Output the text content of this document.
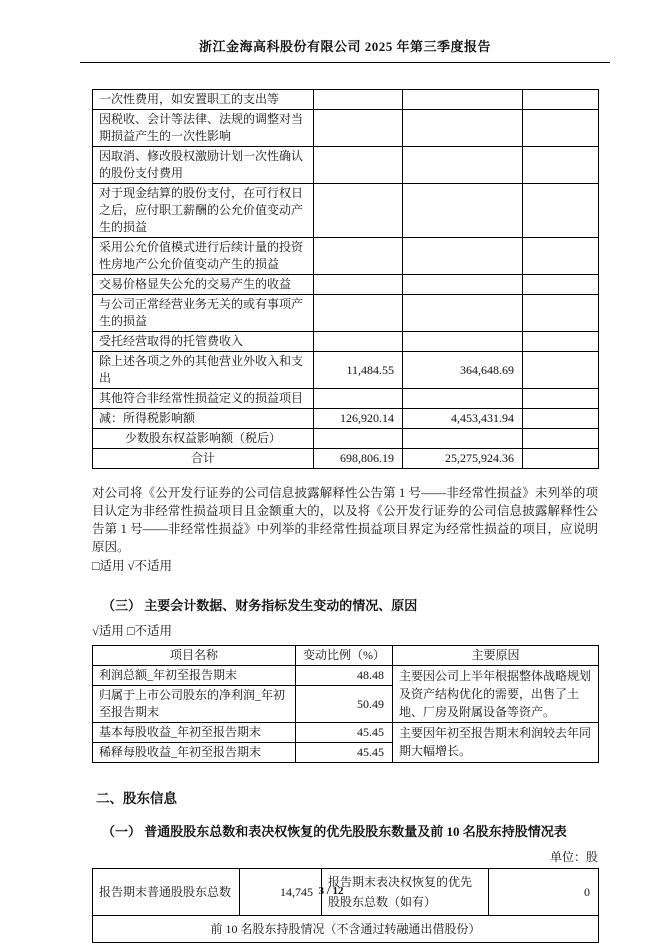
浙江金海高科股份有限公司 2025 年第三季度报告
一次性费用，如安置职工的支出等			
因税收、会计等法律、法规的调整对当期损益产生的一次性影响			
因取消、修改股权激励计划一次性确认的股份支付费用			
对于现金结算的股份支付，在可行权日之后，应付职工薪酬的公允价值变动产生的损益			
采用公允价值模式进行后续计量的投资性房地产公允价值变动产生的损益			
交易价格显失公允的交易产生的收益			
与公司正常经营业务无关的或有事项产生的损益			
受托经营取得的托管费收入			
除上述各项之外的其他营业外收入和支出	11,484.55	364,648.69	
其他符合非经常性损益定义的损益项目			
减：所得税影响额	126,920.14	4,453,431.94	
少数股东权益影响额（税后）			
合计	698,806.19	25,275,924.36	
对公司将《公开发行证券的公司信息披露解释性公告第 1 号——非经常性损益》未列举的项目认定为非经常性损益项目且金额重大的，以及将《公开发行证券的公司信息披露解释性公告第 1 号——非经常性损益》中列举的非经常性损益项目界定为经常性损益的项目，应说明原因。
□适用 √不适用
（三） 主要会计数据、财务指标发生变动的情况、原因
√适用 □不适用
项目名称	变动比例（%）	主要原因
利润总额_年初至报告期末	48.48	主要因公司上半年根据整体战略规划及资产结构优化的需要，出售了土地、厂房及附属设备等资产。
归属于上市公司股东的净利润_年初至报告期末	50.49	
基本每股收益_年初至报告期末	45.45	主要因年初至报告期末利润较去年同期大幅增长。
稀释每股收益_年初至报告期末	45.45	
二、股东信息
（一） 普通股股东总数和表决权恢复的优先股股东数量及前 10 名股东持股情况表
单位：股
报告期末普通股股东总数	14,745	报告期末表决权恢复的优先股股东总数（如有）	0
前 10 名股东持股情况（不含通过转融通出借股份）
3 / 12
